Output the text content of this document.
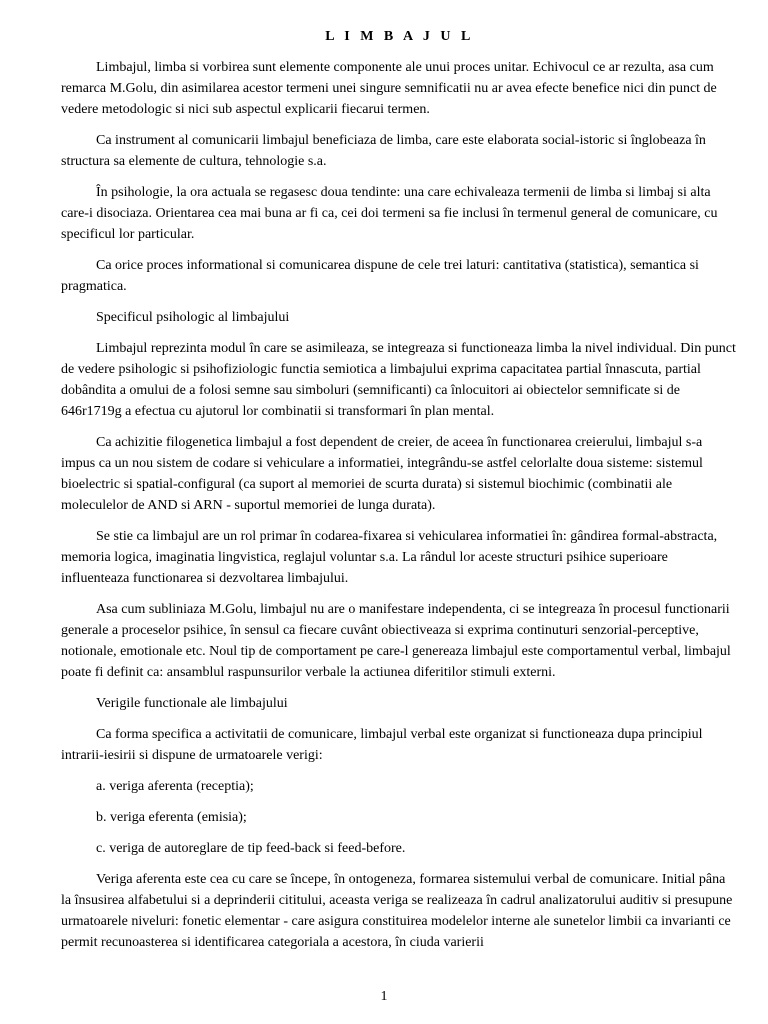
L I M B A J U L

Limbajul, limba si vorbirea sunt elemente componente ale unui proces unitar. Echivocul ce ar rezulta, asa cum remarca M.Golu, din asimilarea acestor termeni unei singure semnificatii nu ar avea efecte benefice nici din punct de vedere metodologic si nici sub aspectul explicarii fiecarui termen.

Ca instrument al comunicarii limbajul beneficiaza de limba, care este elaborata social-istoric si înglobeaza în structura sa elemente de cultura, tehnologie s.a.

În psihologie, la ora actuala se regasesc doua tendinte: una care echivaleaza termenii de limba si limbaj si alta care-i disociaza. Orientarea cea mai buna ar fi ca, cei doi termeni sa fie inclusi în termenul general de comunicare, cu specificul lor particular.

Ca orice proces informational si comunicarea dispune de cele trei laturi: cantitativa (statistica), semantica si pragmatica.

Specificul psihologic al limbajului

Limbajul reprezinta modul în care se asimileaza, se integreaza si functioneaza limba la nivel individual. Din punct de vedere psihologic si psihofiziologic functia semiotica a limbajului exprima capacitatea partial înnascuta, partial dobândita a omului de a folosi semne sau simboluri (semnificanti) ca înlocuitori ai obiectelor semnificate si de 646r1719g a efectua cu ajutorul lor combinatii si transformari în plan mental.

Ca achizitie filogenetica limbajul a fost dependent de creier, de aceea în functionarea creierului, limbajul s-a impus ca un nou sistem de codare si vehiculare a informatiei, integrându-se astfel celorlalte doua sisteme: sistemul bioelectric si spatial-configural (ca suport al memoriei de scurta durata) si sistemul biochimic (combinatii ale moleculelor de AND si ARN - suportul memoriei de lunga durata).

Se stie ca limbajul are un rol primar în codarea-fixarea si vehicularea informatiei în: gândirea formal-abstracta, memoria logica, imaginatia lingvistica, reglajul voluntar s.a. La rândul lor aceste structuri psihice superioare influenteaza functionarea si dezvoltarea limbajului.

Asa cum subliniaza M.Golu, limbajul nu are o manifestare independenta, ci se integreaza în procesul functionarii generale a proceselor psihice, în sensul ca fiecare cuvânt obiectiveaza si exprima continuturi senzorial-perceptive, notionale, emotionale etc. Noul tip de comportament pe care-l genereaza limbajul este comportamentul verbal, limbajul poate fi definit ca: ansamblul raspunsurilor verbale la actiunea diferitilor stimuli externi.

Verigile functionale ale limbajului

Ca forma specifica a activitatii de comunicare, limbajul verbal este organizat si functioneaza dupa principiul intrarii-iesirii si dispune de urmatoarele verigi:

a. veriga aferenta (receptia);

b. veriga eferenta (emisia);

c. veriga de autoreglare de tip feed-back si feed-before.

Veriga aferenta este cea cu care se începe, în ontogeneza, formarea sistemului verbal de comunicare. Initial pâna la însusirea alfabetului si a deprinderii cititului, aceasta veriga se realizeaza în cadrul analizatorului auditiv si presupune urmatoarele niveluri: fonetic elementar - care asigura constituirea modelelor interne ale sunetelor limbii ca invarianti ce permit recunoasterea si identificarea categoriala a acestora, în ciuda varierii

1
